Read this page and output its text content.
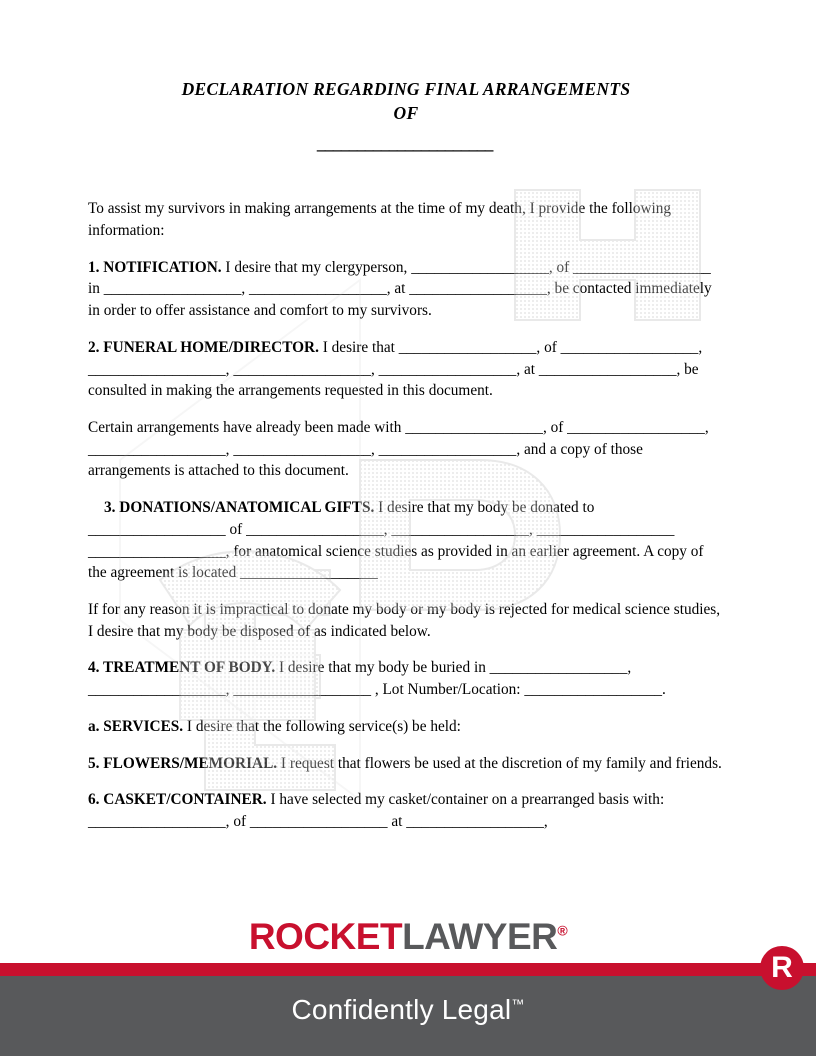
DECLARATION REGARDING FINAL ARRANGEMENTS
OF
______________________

To assist my survivors in making arrangements at the time of my death, I provide the following information:

1. NOTIFICATION. I desire that my clergyperson, __________________, of __________________ in __________________, __________________, at __________________, be contacted immediately in order to offer assistance and comfort to my survivors.

2. FUNERAL HOME/DIRECTOR. I desire that __________________, of __________________, __________________, __________________, __________________, at __________________, be consulted in making the arrangements requested in this document.

Certain arrangements have already been made with __________________, of __________________, __________________, __________________, __________________, and a copy of those arrangements is attached to this document.

3. DONATIONS/ANATOMICAL GIFTS. I desire that my body be donated to __________________ of __________________, __________________, __________________ __________________, for anatomical science studies as provided in an earlier agreement. A copy of the agreement is located __________________

If for any reason it is impractical to donate my body or my body is rejected for medical science studies, I desire that my body be disposed of as indicated below.

4. TREATMENT OF BODY. I desire that my body be buried in __________________, __________________, __________________ , Lot Number/Location: __________________.

a. SERVICES. I desire that the following service(s) be held:

5. FLOWERS/MEMORIAL. I request that flowers be used at the discretion of my family and friends.

6. CASKET/CONTAINER. I have selected my casket/container on a prearranged basis with: __________________, of __________________ at __________________,

ROCKETLAWYER®
Confidently Legal™
R
